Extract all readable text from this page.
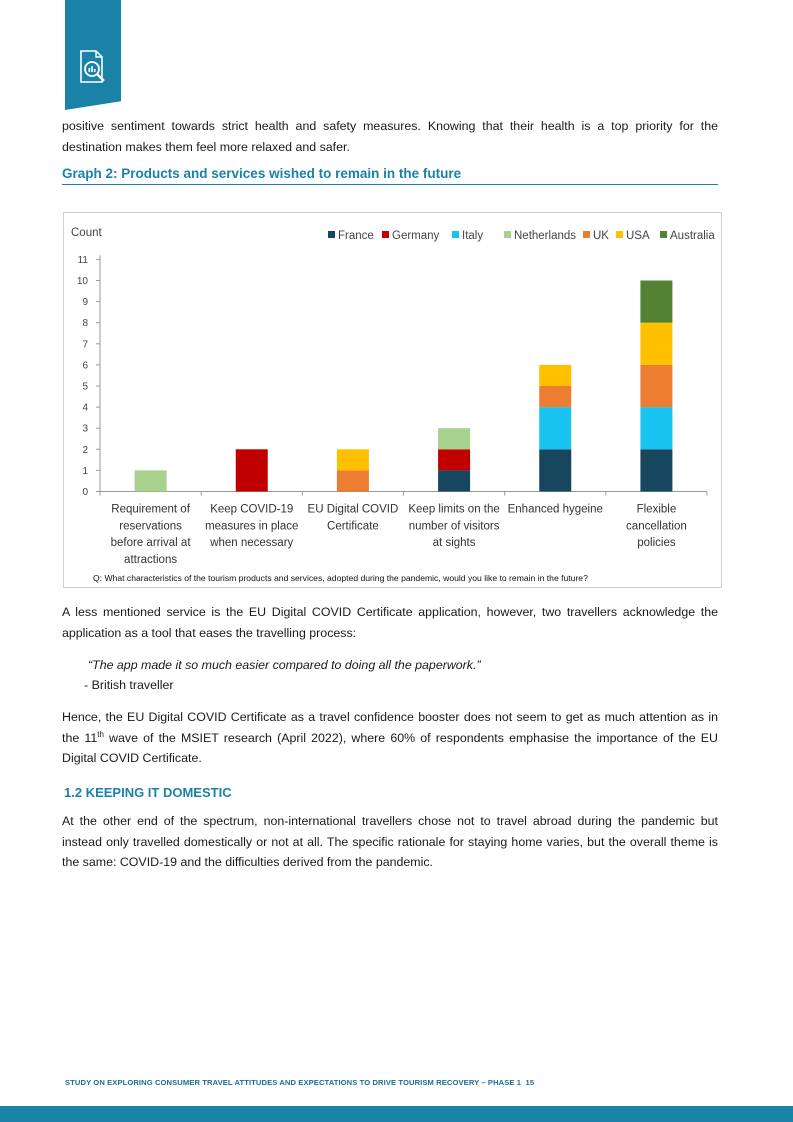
positive sentiment towards strict health and safety measures. Knowing that their health is a top priority for the destination makes them feel more relaxed and safer.

Graph 2: Products and services wished to remain in the future
Count
0
1
2
3
4
5
6
7
8
9
10
11
Requirement of
reservations
before arrival at
attractions
Keep COVID-19
measures in place
when necessary
EU Digital COVID
Certificate
Keep limits on the
number of visitors
at sights
Enhanced hygeine	Flexible
cancellation
policies
France Germany Italy	Netherlands UK USA Australia
Q: What characteristics of the tourism products and services, adopted during the pandemic, would you like to remain in the future?

A less mentioned service is the EU Digital COVID Certificate application, however, two travellers acknowledge the application as a tool that eases the travelling process:

“The app made it so much easier compared to doing all the paperwork.”

- British traveller

Hence, the EU Digital COVID Certificate as a travel confidence booster does not seem to get as much attention as in the 11th wave of the MSIET research (April 2022), where 60% of respondents emphasise the importance of the EU Digital COVID Certificate.

1.2 KEEPING IT DOMESTIC

At the other end of the spectrum, non-international travellers chose not to travel abroad during the pandemic but instead only travelled domestically or not at all. The specific rationale for staying home varies, but the overall theme is the same: COVID-19 and the difficulties derived from the pandemic.

STUDY ON EXPLORING CONSUMER TRAVEL ATTITUDES AND EXPECTATIONS TO DRIVE TOURISM RECOVERY – PHASE 1 15
